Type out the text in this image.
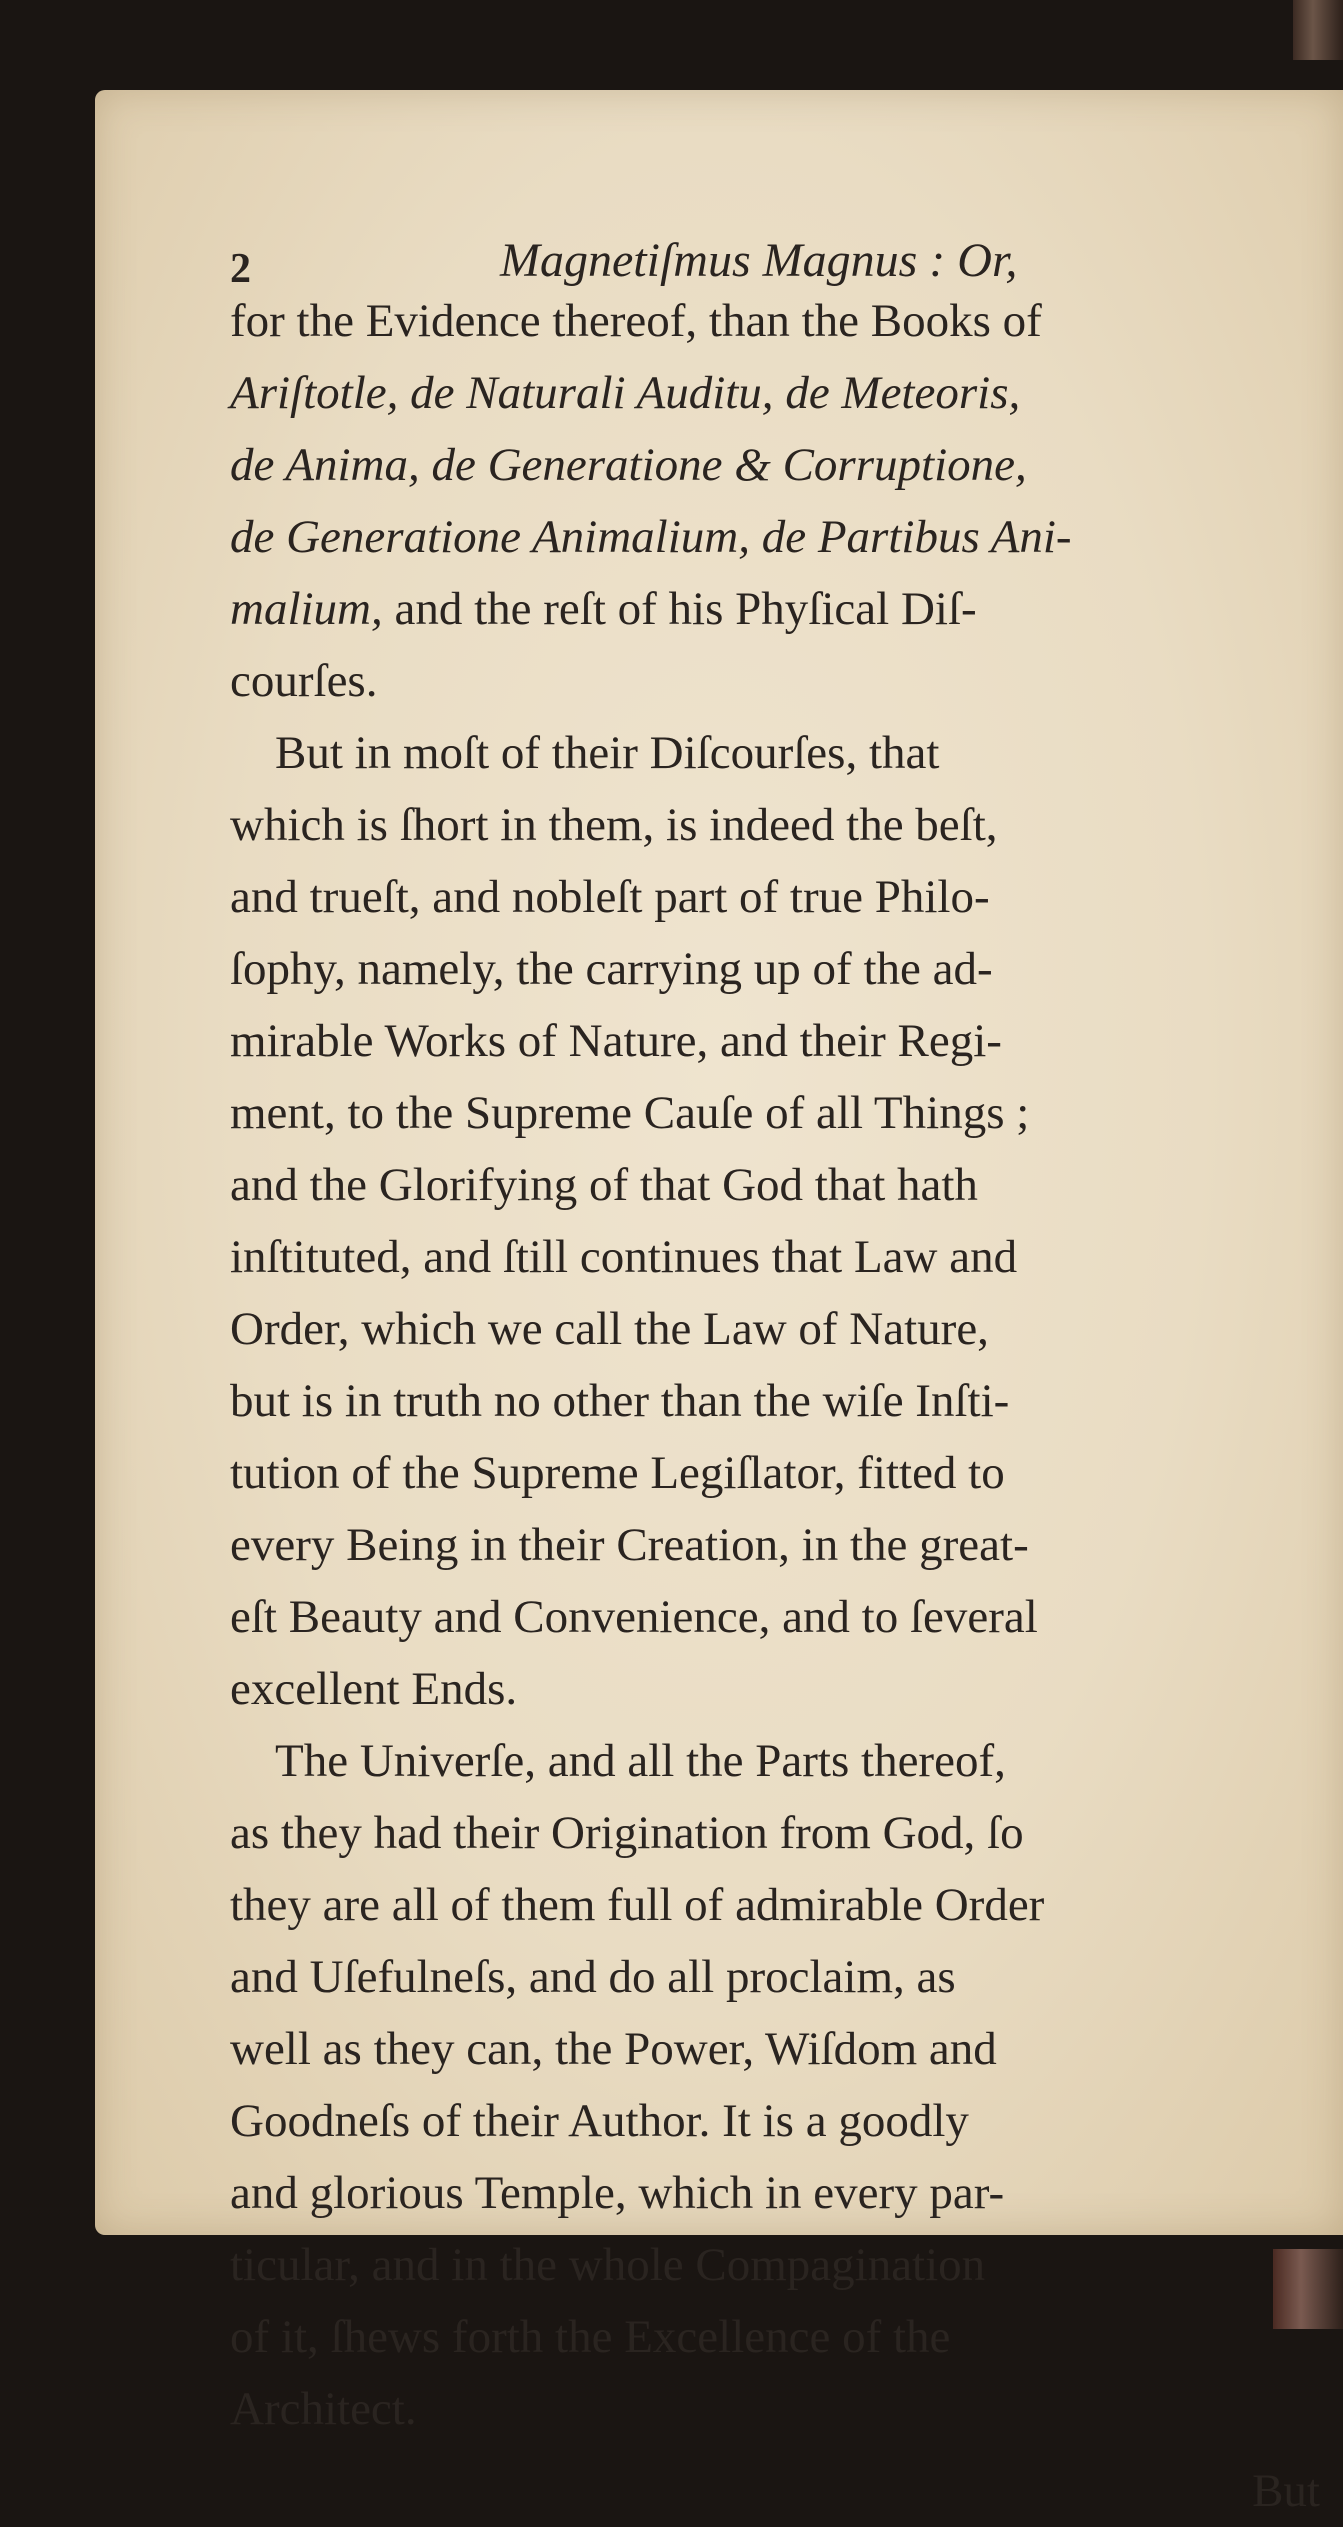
2	Magnetiſmus Magnus : Or,
for the Evidence thereof, than the Books of
Ariſtotle, de Naturali Auditu, de Meteoris,
de Anima, de Generatione & Corruptione,
de Generatione Animalium, de Partibus Ani-
malium, and the reſt of his Phyſical Diſ-
courſes.
But in moſt of their Diſcourſes, that
which is ſhort in them, is indeed the beſt,
and trueſt, and nobleſt part of true Philo-
ſophy, namely, the carrying up of the ad-
mirable Works of Nature, and their Regi-
ment, to the Supreme Cauſe of all Things ;
and the Glorifying of that God that hath
inſtituted, and ſtill continues that Law and
Order, which we call the Law of Nature,
but is in truth no other than the wiſe Inſti-
tution of the Supreme Legiſlator, fitted to
every Being in their Creation, in the great-
eſt Beauty and Convenience, and to ſeveral
excellent Ends.
The Univerſe, and all the Parts thereof,
as they had their Origination from God, ſo
they are all of them full of admirable Order
and Uſefulneſs, and do all proclaim, as
well as they can, the Power, Wiſdom and
Goodneſs of their Author. It is a goodly
and glorious Temple, which in every par-
ticular, and in the whole Compagination
of it, ſhews forth the Excellence of the
Architect.
But
